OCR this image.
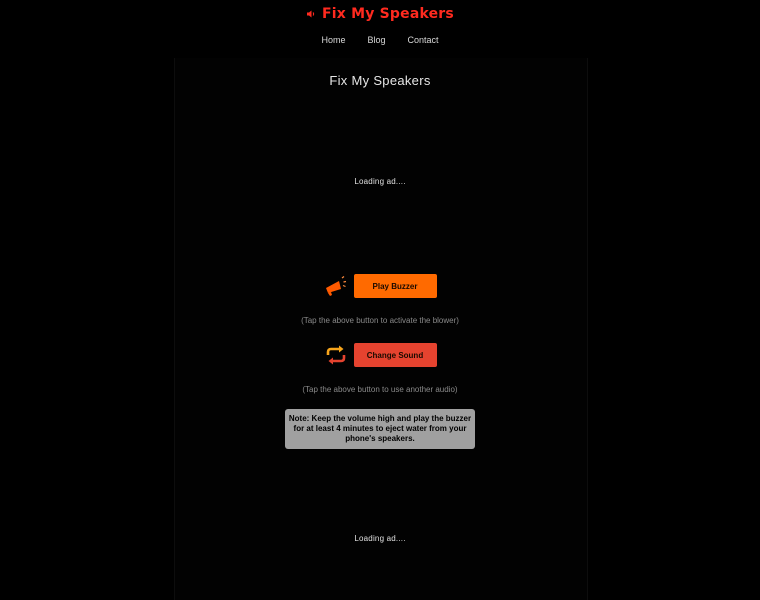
Fix My Speakers
Home	Blog	Contact
Fix My Speakers
Loading ad....
Play Buzzer
(Tap the above button to activate the blower)
Change Sound
(Tap the above button to use another audio)
Note: Keep the volume high and play the buzzer
for at least 4 minutes to eject water from your
phone's speakers.
Loading ad....
